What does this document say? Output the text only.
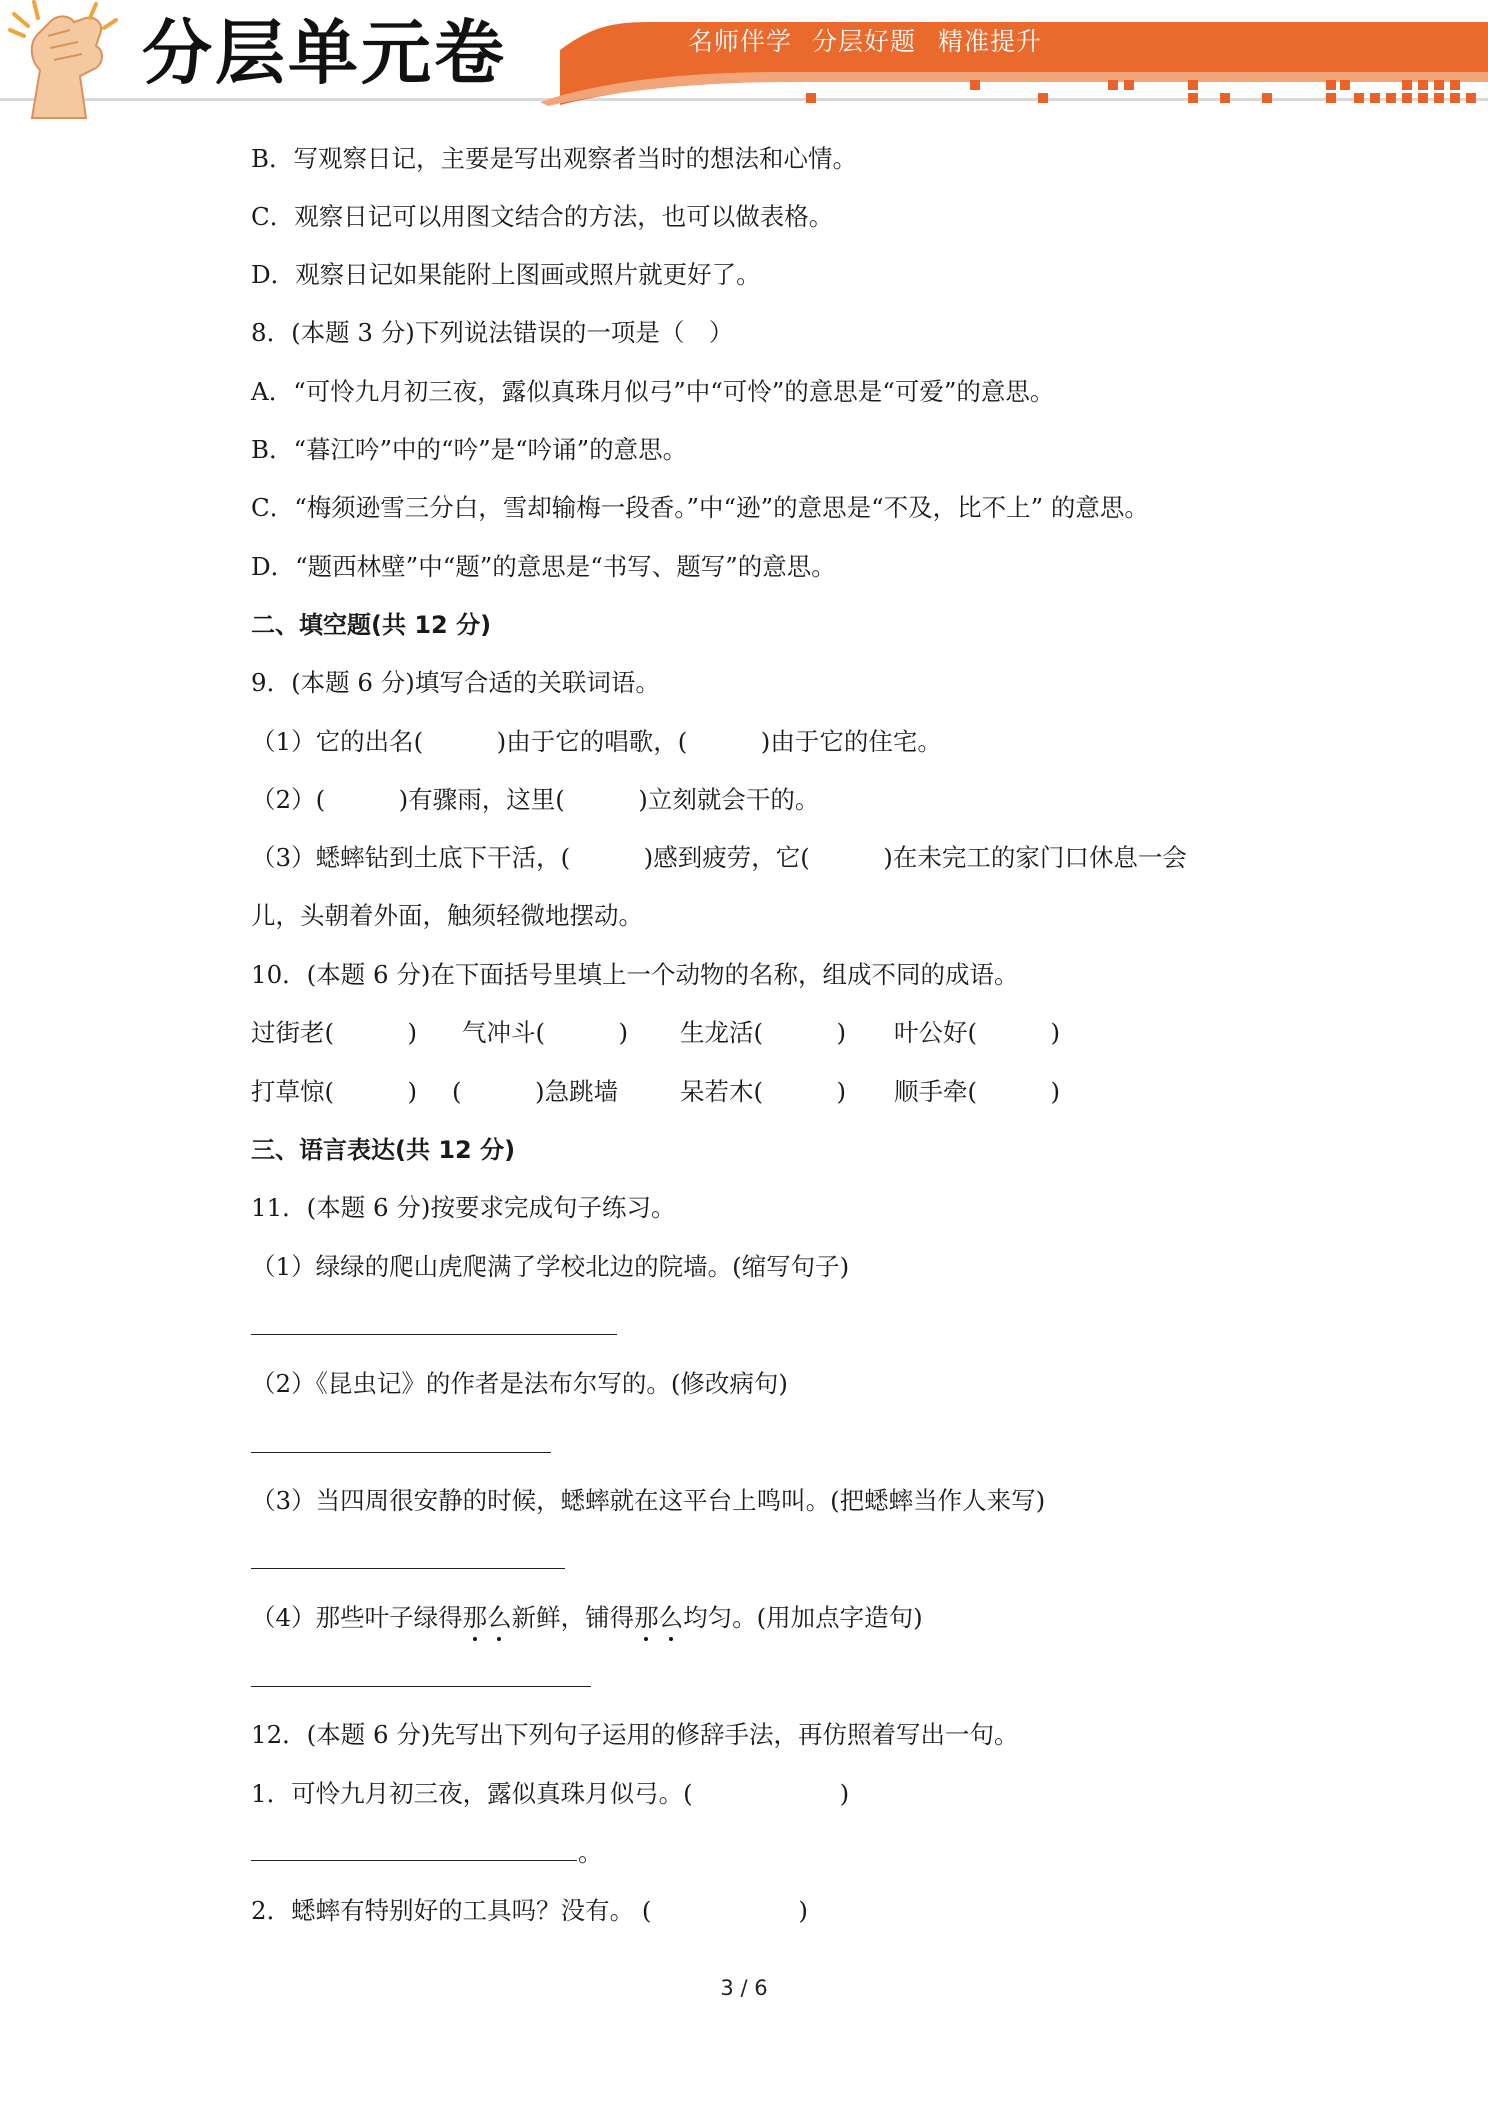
分层单元卷	名师伴学 分层好题 精准提升

B．写观察日记，主要是写出观察者当时的想法和心情。

C．观察日记可以用图文结合的方法，也可以做表格。

D．观察日记如果能附上图画或照片就更好了。

8．(本题 3 分)下列说法错误的一项是（　）

A．“可怜九月初三夜，露似真珠月似弓”中“可怜”的意思是“可爱”的意思。

B．“暮江吟”中的“吟”是“吟诵”的意思。

C．“梅须逊雪三分白，雪却输梅一段香。”中“逊”的意思是“不及，比不上” 的意思。

D．“题西林壁”中“题”的意思是“书写、题写”的意思。

二、填空题(共 12 分)

9．(本题 6 分)填写合适的关联词语。

（1）它的出名(　　　)由于它的唱歌，(　　　)由于它的住宅。

（2）(　　　)有骤雨，这里(　　　)立刻就会干的。

（3）蟋蟀钻到土底下干活，(　　　)感到疲劳，它(　　　)在未完工的家门口休息一会

儿，头朝着外面，触须轻微地摆动。

10．(本题 6 分)在下面括号里填上一个动物的名称，组成不同的成语。

过街老(　　　) 气冲斗(　　　) 生龙活(　　　) 叶公好(　　　)
打草惊(　　　) (　　　)急跳墙	呆若木(　　　) 顺手牵(　　　)

三、语言表达(共 12 分)

11．(本题 6 分)按要求完成句子练习。

（1）绿绿的爬山虎爬满了学校北边的院墙。(缩写句子)

（2）《昆虫记》的作者是法布尔写的。(修改病句)

（3）当四周很安静的时候，蟋蟀就在这平台上鸣叫。(把蟋蟀当作人来写)

（4）那些叶子绿得那么新鲜，铺得那么均匀。(用加点字造句)

12．(本题 6 分)先写出下列句子运用的修辞手法，再仿照着写出一句。

1．可怜九月初三夜，露似真珠月似弓。(　　　　　　)

。

2．蟋蟀有特别好的工具吗？没有。 (　　　　　　)

3 / 6
